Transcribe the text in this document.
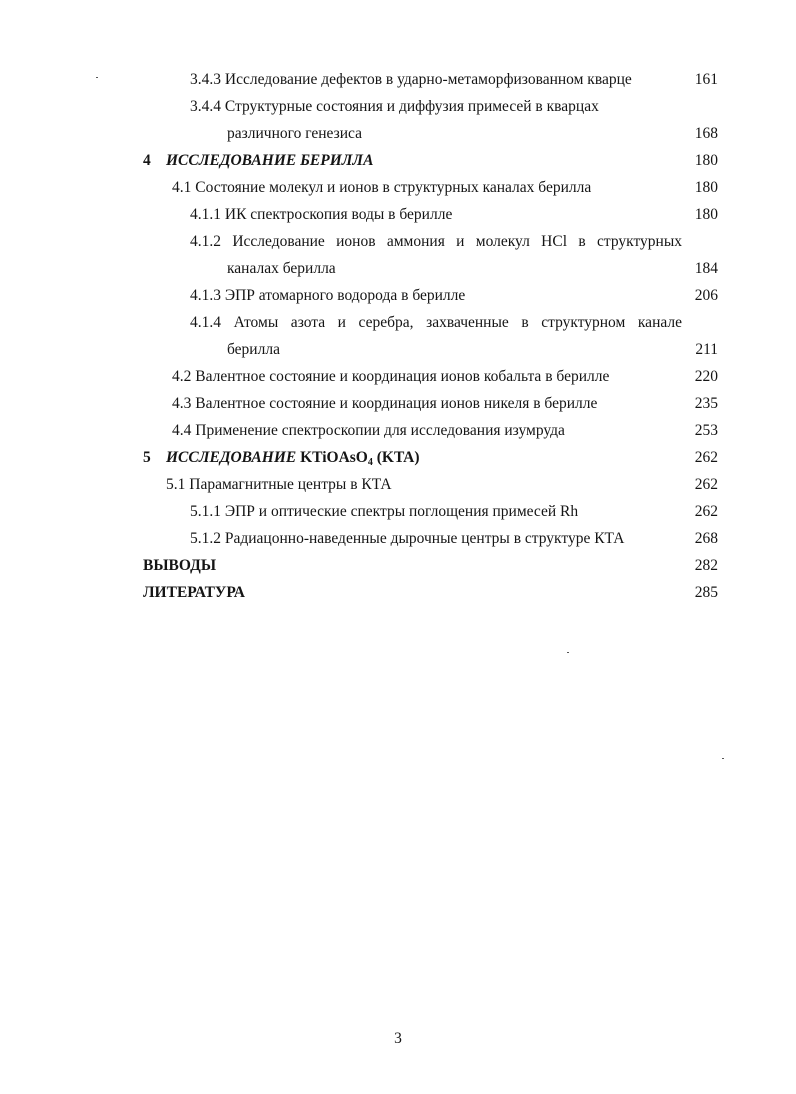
3.4.3 Исследование дефектов в ударно-метаморфизованном кварце	161
3.4.4 Структурные состояния и диффузия примесей в кварцах
различного генезиса	168
4 ИССЛЕДОВАНИЕ БЕРИЛЛА	180
4.1 Состояние молекул и ионов в структурных каналах берилла	180
4.1.1 ИК спектроскопия воды в берилле	180
4.1.2 Исследование ионов аммония и молекул HCl в структурных
каналах берилла	184
4.1.3 ЭПР атомарного водорода в берилле	206
4.1.4 Атомы азота и серебра, захваченные в структурном канале
берилла	211
4.2 Валентное состояние и координация ионов кобальта в берилле	220
4.3 Валентное состояние и координация ионов никеля в берилле	235
4.4 Применение спектроскопии для исследования изумруда	253
5 ИССЛЕДОВАНИЕ KTiOAsO$_4$ (KTA)	262
5.1 Парамагнитные центры в КТА	262
5.1.1 ЭПР и оптические спектры поглощения примесей Rh	262
5.1.2 Радиацонно-наведенные дырочные центры в структуре КТА	268
ВЫВОДЫ	282
ЛИТЕРАТУРА	285
3
